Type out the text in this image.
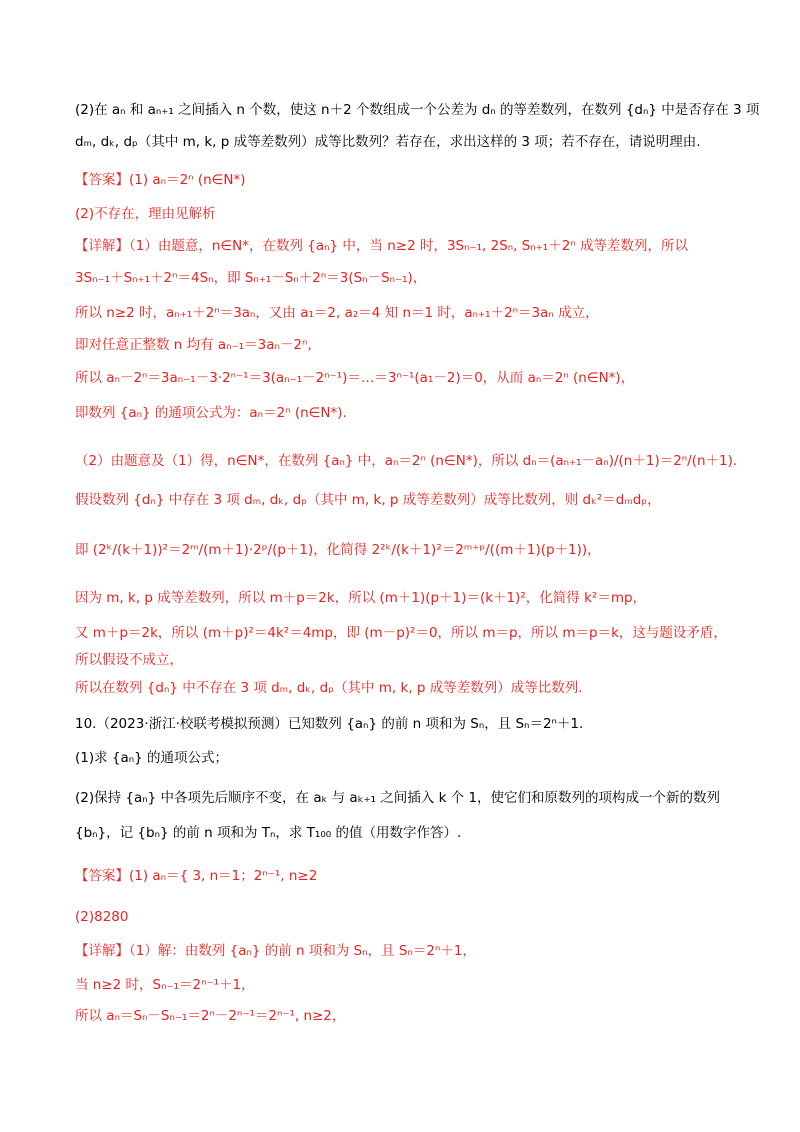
(2)在 aₙ 和 aₙ₊₁ 之间插入 n 个数，使这 n＋2 个数组成一个公差为 dₙ 的等差数列，在数列 {dₙ} 中是否存在 3 项
dₘ, dₖ, dₚ（其中 m, k, p 成等差数列）成等比数列？若存在，求出这样的 3 项；若不存在，请说明理由.
【答案】(1) aₙ＝2ⁿ (n∈N*)
(2)不存在，理由见解析
【详解】（1）由题意，n∈N*，在数列 {aₙ} 中，当 n≥2 时，3Sₙ₋₁, 2Sₙ, Sₙ₊₁＋2ⁿ 成等差数列，所以
3Sₙ₋₁＋Sₙ₊₁＋2ⁿ＝4Sₙ，即 Sₙ₊₁－Sₙ＋2ⁿ＝3(Sₙ－Sₙ₋₁)，
所以 n≥2 时，aₙ₊₁＋2ⁿ＝3aₙ，又由 a₁＝2, a₂＝4 知 n＝1 时，aₙ₊₁＋2ⁿ＝3aₙ 成立，
即对任意正整数 n 均有 aₙ₋₁＝3aₙ－2ⁿ，
所以 aₙ－2ⁿ＝3aₙ₋₁－3·2ⁿ⁻¹＝3(aₙ₋₁－2ⁿ⁻¹)＝…＝3ⁿ⁻¹(a₁－2)＝0，从而 aₙ＝2ⁿ (n∈N*)，
即数列 {aₙ} 的通项公式为：aₙ＝2ⁿ (n∈N*).
（2）由题意及（1）得，n∈N*，在数列 {aₙ} 中，aₙ＝2ⁿ (n∈N*)，所以 dₙ＝(aₙ₊₁－aₙ)/(n＋1)＝2ⁿ/(n＋1).
假设数列 {dₙ} 中存在 3 项 dₘ, dₖ, dₚ（其中 m, k, p 成等差数列）成等比数列，则 dₖ²＝dₘdₚ，
即 (2ᵏ/(k＋1))²＝2ᵐ/(m＋1)·2ᵖ/(p＋1)，化简得 2²ᵏ/(k＋1)²＝2ᵐ⁺ᵖ/((m＋1)(p＋1))，
因为 m, k, p 成等差数列，所以 m＋p＝2k，所以 (m＋1)(p＋1)＝(k＋1)²，化简得 k²＝mp，
又 m＋p＝2k，所以 (m＋p)²＝4k²＝4mp，即 (m－p)²＝0，所以 m＝p，所以 m＝p＝k，这与题设矛盾，
所以假设不成立，
所以在数列 {dₙ} 中不存在 3 项 dₘ, dₖ, dₚ（其中 m, k, p 成等差数列）成等比数列.
10.（2023·浙江·校联考模拟预测）已知数列 {aₙ} 的前 n 项和为 Sₙ，且 Sₙ＝2ⁿ＋1.
(1)求 {aₙ} 的通项公式；
(2)保持 {aₙ} 中各项先后顺序不变，在 aₖ 与 aₖ₊₁ 之间插入 k 个 1，使它们和原数列的项构成一个新的数列
{bₙ}，记 {bₙ} 的前 n 项和为 Tₙ，求 T₁₀₀ 的值（用数字作答）.
【答案】(1) aₙ＝{ 3, n＝1；2ⁿ⁻¹, n≥2
(2)8280
【详解】（1）解：由数列 {aₙ} 的前 n 项和为 Sₙ，且 Sₙ＝2ⁿ＋1，
当 n≥2 时，Sₙ₋₁＝2ⁿ⁻¹＋1，
所以 aₙ＝Sₙ－Sₙ₋₁＝2ⁿ－2ⁿ⁻¹＝2ⁿ⁻¹, n≥2，
